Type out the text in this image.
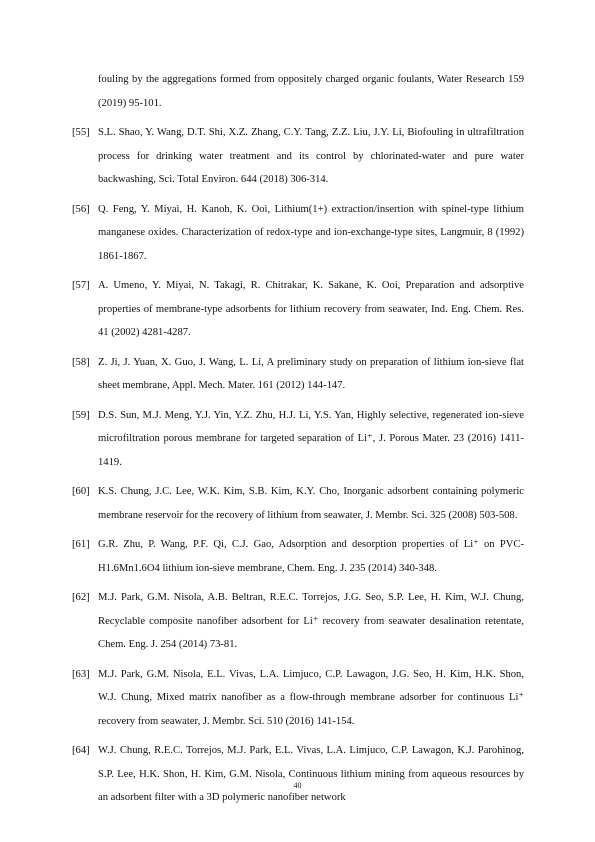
fouling by the aggregations formed from oppositely charged organic foulants, Water Research 159 (2019) 95-101.
[55] S.L. Shao, Y. Wang, D.T. Shi, X.Z. Zhang, C.Y. Tang, Z.Z. Liu, J.Y. Li, Biofouling in ultrafiltration process for drinking water treatment and its control by chlorinated-water and pure water backwashing, Sci. Total Environ. 644 (2018) 306-314.
[56] Q. Feng, Y. Miyai, H. Kanoh, K. Ooi, Lithium(1+) extraction/insertion with spinel-type lithium manganese oxides. Characterization of redox-type and ion-exchange-type sites, Langmuir, 8 (1992) 1861-1867.
[57] A. Umeno, Y. Miyai, N. Takagi, R. Chitrakar, K. Sakane, K. Ooi, Preparation and adsorptive properties of membrane-type adsorbents for lithium recovery from seawater, Ind. Eng. Chem. Res. 41 (2002) 4281-4287.
[58] Z. Ji, J. Yuan, X. Guo, J. Wang, L. Li, A preliminary study on preparation of lithium ion-sieve flat sheet membrane, Appl. Mech. Mater. 161 (2012) 144-147.
[59] D.S. Sun, M.J. Meng, Y.J. Yin, Y.Z. Zhu, H.J. Li, Y.S. Yan, Highly selective, regenerated ion-sieve microfiltration porous membrane for targeted separation of Li⁺, J. Porous Mater. 23 (2016) 1411-1419.
[60] K.S. Chung, J.C. Lee, W.K. Kim, S.B. Kim, K.Y. Cho, Inorganic adsorbent containing polymeric membrane reservoir for the recovery of lithium from seawater, J. Membr. Sci. 325 (2008) 503-508.
[61] G.R. Zhu, P. Wang, P.F. Qi, C.J. Gao, Adsorption and desorption properties of Li⁺ on PVC-H1.6Mn1.6O4 lithium ion-sieve membrane, Chem. Eng. J. 235 (2014) 340-348.
[62] M.J. Park, G.M. Nisola, A.B. Beltran, R.E.C. Torrejos, J.G. Seo, S.P. Lee, H. Kim, W.J. Chung, Recyclable composite nanofiber adsorbent for Li⁺ recovery from seawater desalination retentate, Chem. Eng. J. 254 (2014) 73-81.
[63] M.J. Park, G.M. Nisola, E.L. Vivas, L.A. Limjuco, C.P. Lawagon, J.G. Seo, H. Kim, H.K. Shon, W.J. Chung, Mixed matrix nanofiber as a flow-through membrane adsorber for continuous Li⁺ recovery from seawater, J. Membr. Sci. 510 (2016) 141-154.
[64] W.J. Chung, R.E.C. Torrejos, M.J. Park, E.L. Vivas, L.A. Limjuco, C.P. Lawagon, K.J. Parohinog, S.P. Lee, H.K. Shon, H. Kim, G.M. Nisola, Continuous lithium mining from aqueous resources by an adsorbent filter with a 3D polymeric nanofiber network
40
